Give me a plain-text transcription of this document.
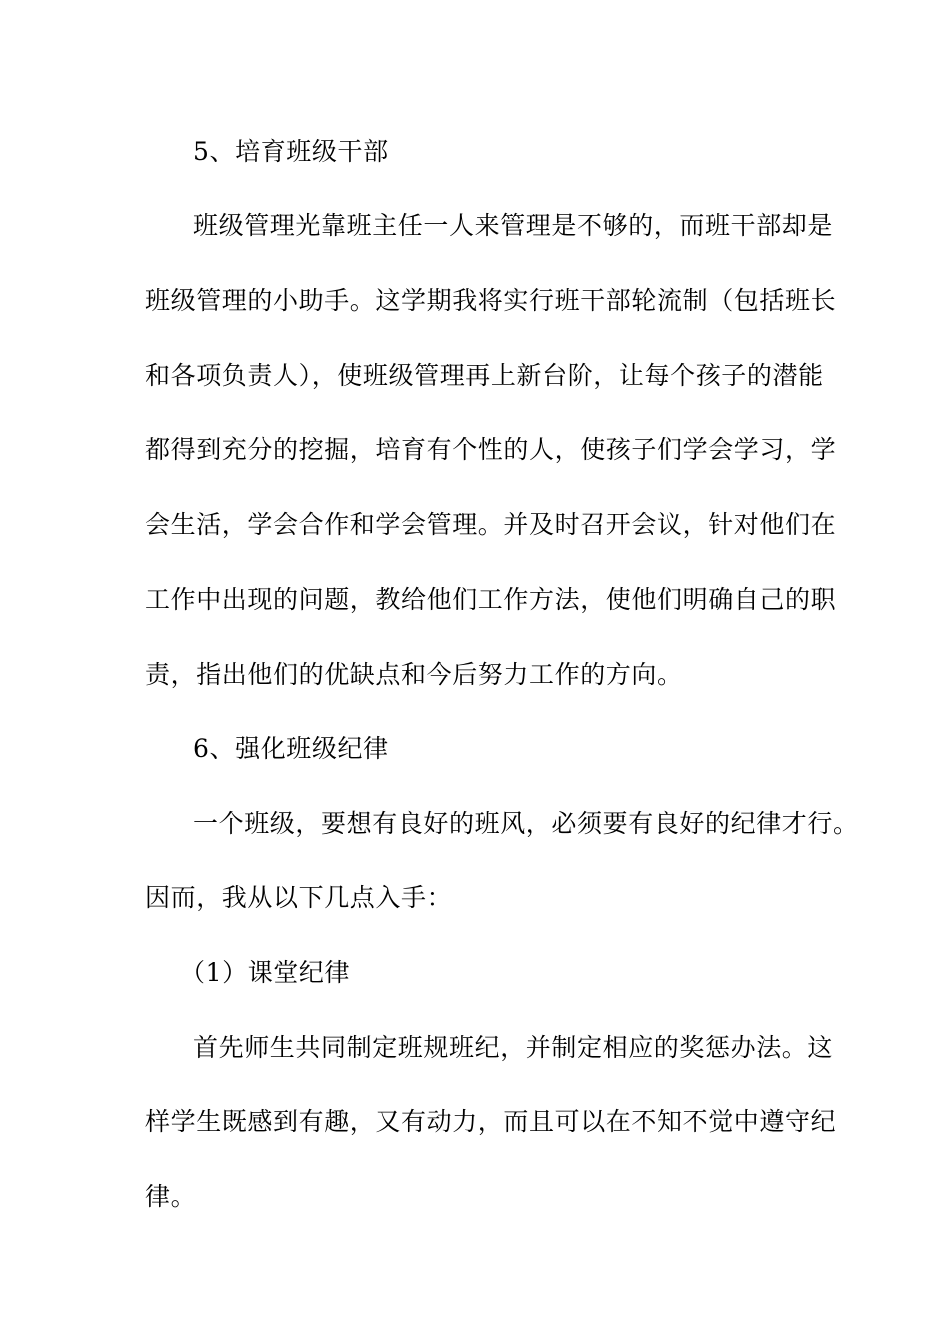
5、培育班级干部
班级管理光靠班主任一人来管理是不够的，而班干部却是
班级管理的小助手。这学期我将实行班干部轮流制（包括班长
和各项负责人），使班级管理再上新台阶，让每个孩子的潜能
都得到充分的挖掘，培育有个性的人，使孩子们学会学习，学
会生活，学会合作和学会管理。并及时召开会议，针对他们在
工作中出现的问题，教给他们工作方法，使他们明确自己的职
责，指出他们的优缺点和今后努力工作的方向。
6、强化班级纪律
一个班级，要想有良好的班风，必须要有良好的纪律才行。
因而，我从以下几点入手：
（1）课堂纪律
首先师生共同制定班规班纪，并制定相应的奖惩办法。这
样学生既感到有趣，又有动力，而且可以在不知不觉中遵守纪
律。
